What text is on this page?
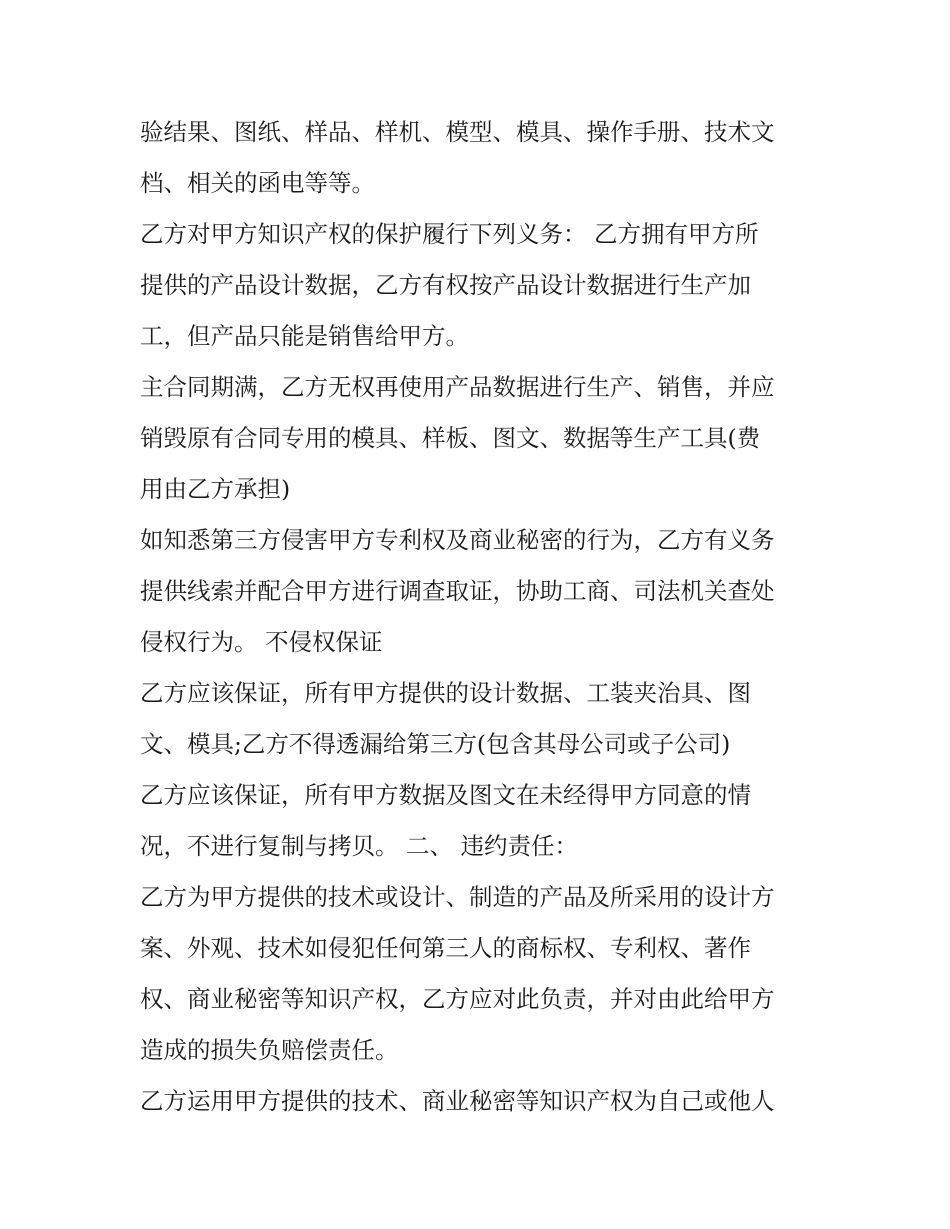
验结果、图纸、样品、样机、模型、模具、操作手册、技术文
档、相关的函电等等。
乙方对甲方知识产权的保护履行下列义务： 乙方拥有甲方所
提供的产品设计数据，乙方有权按产品设计数据进行生产加
工，但产品只能是销售给甲方。
主合同期满，乙方无权再使用产品数据进行生产、销售，并应
销毁原有合同专用的模具、样板、图文、数据等生产工具(费
用由乙方承担)
如知悉第三方侵害甲方专利权及商业秘密的行为，乙方有义务
提供线索并配合甲方进行调查取证，协助工商、司法机关查处
侵权行为。 不侵权保证
乙方应该保证，所有甲方提供的设计数据、工装夹治具、图
文、模具;乙方不得透漏给第三方(包含其母公司或子公司)
乙方应该保证，所有甲方数据及图文在未经得甲方同意的情
况，不进行复制与拷贝。 二、 违约责任：
乙方为甲方提供的技术或设计、制造的产品及所采用的设计方
案、外观、技术如侵犯任何第三人的商标权、专利权、著作
权、商业秘密等知识产权，乙方应对此负责，并对由此给甲方
造成的损失负赔偿责任。
乙方运用甲方提供的技术、商业秘密等知识产权为自己或他人
